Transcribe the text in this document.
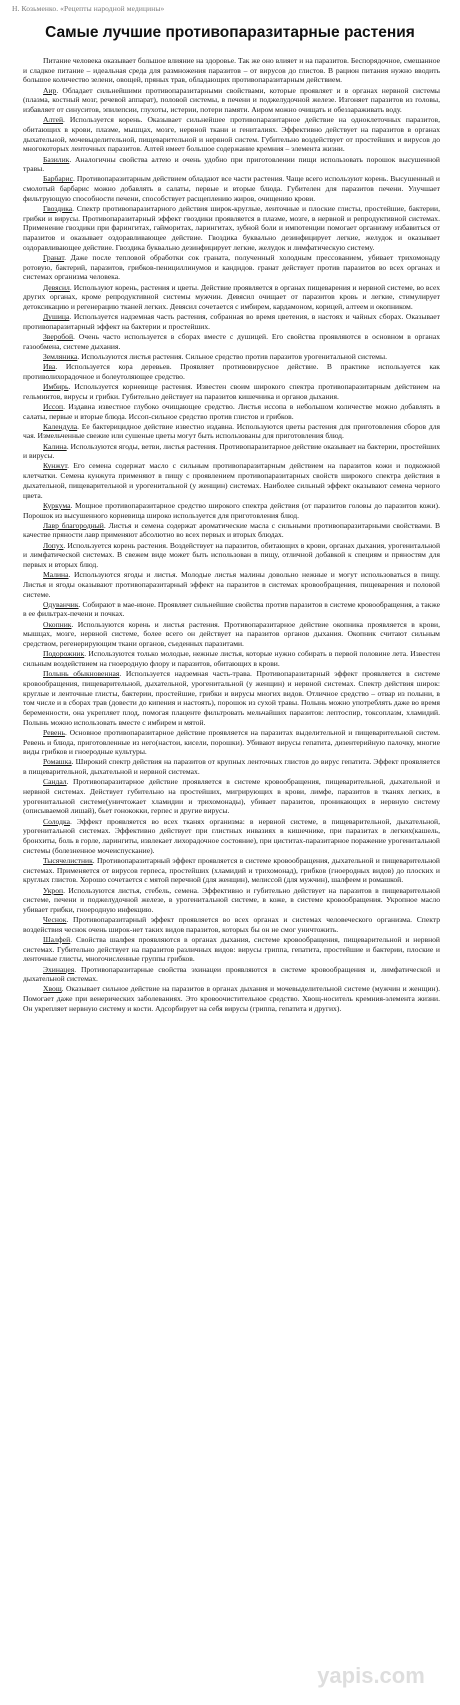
Н. Козьменко. «Рецепты народной медицины»
Самые лучшие противопаразитарные растения

Питание человека оказывает большое влияние на здоровье. Так же оно влияет и на паразитов. Беспорядочное, смешанное и сладкое питание – идеальная среда для размножения паразитов – от вирусов до глистов. В рацион питания нужно вводить большое количество зелени, овощей, пряных трав, обладающих противопаразитарным действием.

Аир. Обладает сильнейшими противопаразитарными свойствами, которые проявляет и в органах нервной системы (плазма, костный мозг, речевой аппарат), половой системы, в печени и поджелудочной железе. Изгоняет паразитов из головы, избавляет от синуситов, эпилепсии, глухоты, истерии, потери памяти. Аиром можно очищать и обеззараживать воду.

Алтей. Используется корень. Оказывает сильнейшее противопаразитарное действие на одноклеточных паразитов, обитающих в крови, плазме, мышцах, мозге, нервной ткани и гениталиях. Эффективно действует на паразитов в органах дыхательной, мочевыделительной, пищеварительной и нервной систем. Губительно воздействует от простейших и вирусов до многокоторых ленточных паразитов. Алтей имеет большое содержание кремния – элемента жизни.

Базилик. Аналогичны свойства алтею и очень удобно при приготовлении пищи использовать порошок высушенной травы.

Барбарис. Противопаразитарным действием обладают все части растения. Чаще всего используют корень. Высушенный и смолотый барбарис можно добавлять в салаты, первые и вторые блюда. Губителен для паразитов печени. Улучшает фильтрующую способности печени, способствует расщеплению жиров, очищению крови.

Гвоздика. Спектр противопаразитарного действия широк-круглые, ленточные и плоские глисты, простейшие, бактерии, грибки и вирусы. Противопаразитарный эффект гвоздики проявляется в плазме, мозге, в нервной и репродуктивной системах. Применение гвоздики при фарингитах, гайморитах, ларингитах, зубной боли и импотенции помогает организму избавиться от паразитов и оказывает оздоравливающее действие. Гвоздика буквально дезинфицирует легкие, желудок и оказывает оздоравливающее действие. Гвоздика буквально дезинфицирует легкие, желудок и лимфатическую систему.

Гранат. Даже после тепловой обработки сок граната, полученный холодным прессованием, убивает трихомонаду ротовую, бактерий, паразитов, грибков-пенициллинумов и кандидов. гранат действует против паразитов во всех органах и системах организма человека.

Девясил. Используют корень, растения и цветы. Действие проявляется в органах пищеварения и нервной системе, во всех других органах, кроме репродуктивной системы мужчин. Девясил очищает от паразитов кровь и легкие, стимулирует детоксикацию и регенерацию тканей легких. Девясил сочетается с имбирем, кардамоном, корицей, алтеем и окопником.

Душица. Используется надземная часть растения, собранная во время цветения, в настоях и чайных сборах. Оказывает противопаразитарный эффект на бактерии и простейших.

Зверобой. Очень часто используется в сборах вместе с душицей. Его свойства проявляются в основном в органах газообмена, системе дыхания.

Земляника. Используются листья растения. Сильное средство против паразитов урогенитальной системы.

Ива. Используется кора деревьев. Проявляет противовирусное действие. В практике используется как противолихорадочное и болеутоляющее средство.

Имбирь. Используется корневище растения. Известен своим широкого спектра противопаразитарным действием на гельминтов, вирусы и грибки. Губительно действует на паразитов кишечника и органов дыхания.

Иссоп. Издавна известное глубоко очищающее средство. Листья иссопа в небольшом количестве можно добавлять в салаты, первые и вторые блюда. Иссоп-сильное средство против глистов и грибков.

Календула. Ее бактерицидное действие известно издавна. Используются цветы растения для приготовления сборов для чая. Измельченные свежие или сушеные цветы могут быть использованы для приготовления блюд.

Калина. Используются ягоды, ветви, листья растения. Противопаразитарное действие оказывает на бактерии, простейших и вирусы.

Кунжут. Его семена содержат масло с сильным противопаразитарным действием на паразитов кожи и подкожной клетчатки. Семена кунжута применяют в пищу с проявлением противопаразитарных свойств широкого спектра действия в дыхательной, пищеварительной и урогенитальной (у женщин) системах. Наиболее сильный эффект оказывают семена черного цвета.

Куркума. Мощное противопаразитарное средство широкого спектра действия (от паразитов головы до паразитов кожи). Порошок из высушенного корневища широко используется для приготовления блюд.

Лавр благородный. Листья и семена содержат ароматические масла с сильными противопаразитарными свойствами. В качестве пряности лавр применяют абсолютно во всех первых и вторых блюдах.

Лопух. Используется корень растения. Воздействует на паразитов, обитающих в крови, органах дыхания, урогенитальной и лимфатической системах. В свежем виде может быть использован в пищу, отличной добавкой к специям и пряностям для первых и вторых блюд.

Малина. Используются ягоды и листья. Молодые листья малины довольно нежные и могут использоваться в пищу. Листья и ягоды оказывают противопаразитарный эффект на паразитов в системах кровообращения, пищеварения и половой системе.

Одуванчик. Собирают в мае-июне. Проявляет сильнейшие свойства против паразитов в системе кровообращения, а также в ее фильтрах-печени и почках.

Окопник. Используются корень и листья растения. Противопаразитарное действие окопника проявляется в крови, мышцах, мозге, нервной системе, более всего он действует на паразитов органов дыхания. Окопник считают сильным средством, регенерирующим ткани органов, съеденных паразитами.

Подорожник. Используются только молодые, нежные листья, которые нужно собирать в первой половине лета. Известен сильным воздействием на гноеродную флору и паразитов, обитающих в крови.

Полынь обыкновенная. Используется надземная часть-трава. Противопаразитарный эффект проявляется в системе кровообращения, пищеварительной, дыхательной, урогенитальной (у женщин) и нервной системах. Спектр действия широк: круглые и ленточные глисты, бактерии, простейшие, грибки и вирусы многих видов. Отличное средство – отвар из полыни, в том числе и в сборах трав (довести до кипения и настоять), порошок из сухой травы. Полынь можно употреблять даже во время беременности, она укрепляет плод, помогая плаценте фильтровать мельчайших паразитов: лептоспир, токсоплазм, хламидий. Полынь можно использовать вместе с имбирем и мятой.

Ревень. Основное противопаразитарное действие проявляется на паразитах выделительной и пищеварительной систем. Ревень и блюда, приготовленные из него(настои, кисели, порошки). Убивают вирусы гепатита, дизентерийную палочку, многие виды грибков и гноеродные культуры.

Ромашка. Широкий спектр действия на паразитов от крупных ленточных глистов до вирус гепатита. Эффект проявляется в пищеварительной, дыхательной и нервной системах.

Сандал. Противопаразитарное действие проявляется в системе кровообращения, пищеварительной, дыхательной и нервной системах. Действует губительно на простейших, мигрирующих в крови, лимфе, паразитов в тканях легких, в урогенитальной системе(уничтожает хламидии и трихомонады), убивает паразитов, проникающих в нервную систему (описываемой лишай), бьет гонококки, герпес и другие вирусы.

Солодка. Эффект проявляется во всех тканях организма: в нервной системе, в пищеварительной, дыхательной, урогенитальной системах. Эффективно действует при глистных инвазиях в кишечнике, при паразитах в легких(кашель, бронхиты, боль в горле, ларингиты, извлекает лихорадочное состояние), при циститах-паразитарное поражение урогенитальной системы (болезненное мочеиспускание).

Тысячелистник. Противопаразитарный эффект проявляется в системе кровообращения, дыхательной и пищеварительной системах. Применяется от вирусов герпеса, простейших (хламидий и трихомонад), грибков (гноеродных видов) до плоских и круглых глистов. Хорошо сочетается с мятой перечной (для женщин), мелиссой (для мужчин), шалфеем и ромашкой.

Укроп. Используются листья, стебель, семена. Эффективно и губительно действует на паразитов в пищеварительной системе, печени и поджелудочной железе, в урогенитальной системе, в коже, в системе кровообращения. Укропное масло убивает грибки, гноеродную инфекцию.

Чеснок. Противопаразитарный эффект проявляется во всех органах и системах человеческого организма. Спектр воздействия чеснок очень широк-нет таких видов паразитов, которых бы он не смог уничтожить.

Шалфей. Свойства шалфея проявляются в органах дыхания, системе кровообращения, пищеварительной и нервной системах. Губительно действует на паразитов различных видов: вирусы гриппа, гепатита, простейшие и бактерии, плоские и ленточные глисты, многочисленные группы грибков.

Эхинацея. Противопаразитарные свойства эхинацеи проявляются в системе кровообращения и, лимфатической и дыхательной системах.

Хвощ. Оказывает сильное действие на паразитов в органах дыхания и мочевыделительной системе (мужчин и женщин). Помогает даже при венерических заболеваниях. Это кровоочистительное средство. Хвощ-носитель кремния-элемента жизни. Он укрепляет нервную систему и кости. Адсорбирует на себя вирусы (гриппа, гепатита и других).

yapis.com
